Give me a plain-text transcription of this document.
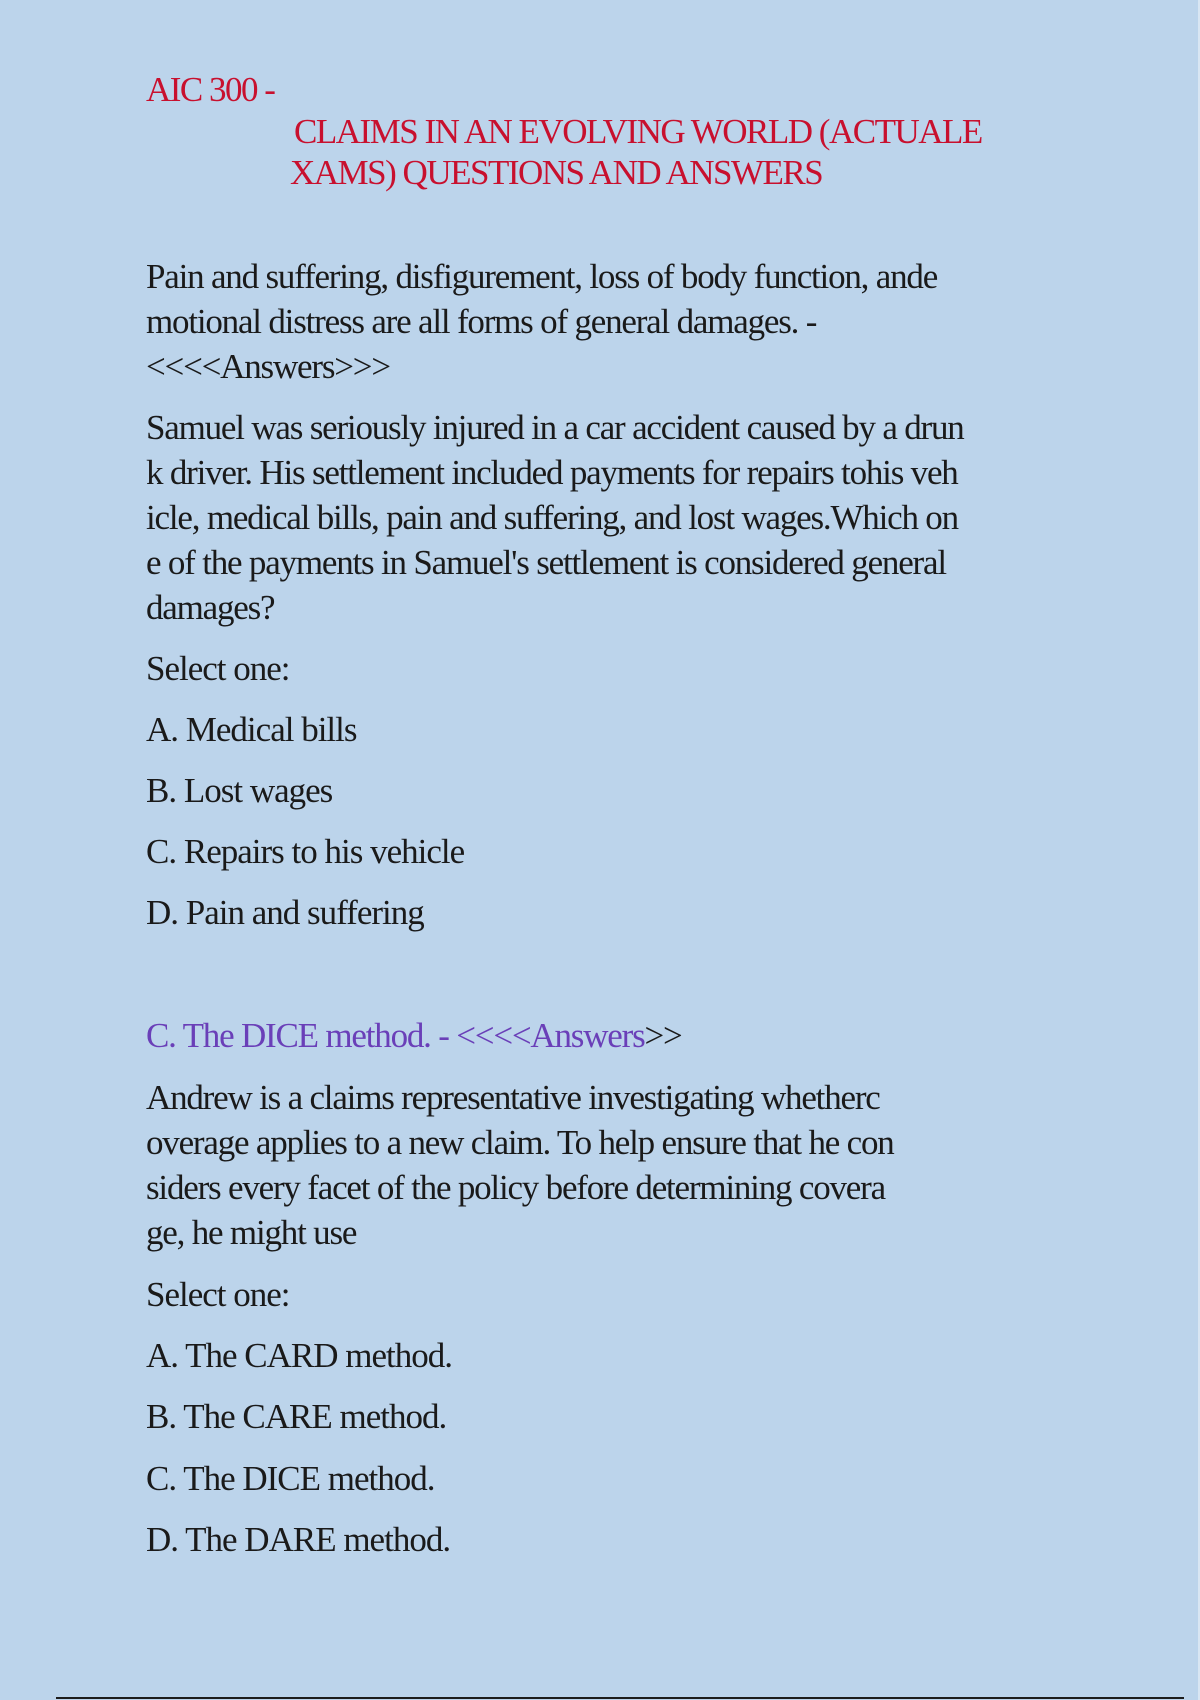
AIC 300 -
CLAIMS IN AN EVOLVING WORLD (ACTUALE
XAMS) QUESTIONS AND ANSWERS
Pain and suffering, disfigurement, loss of body function, ande
motional distress are all forms of general damages. -
<<<<Answers>>>
Samuel was seriously injured in a car accident caused by a drun
k driver. His settlement included payments for repairs tohis veh
icle, medical bills, pain and suffering, and lost wages.Which on
e of the payments in Samuel's settlement is considered general
damages?
Select one:
A. Medical bills
B. Lost wages
C. Repairs to his vehicle
D. Pain and suffering
C. The DICE method. - <<<<Answers>>
Andrew is a claims representative investigating whetherc
overage applies to a new claim. To help ensure that he con
siders every facet of the policy before determining covera
ge, he might use
Select one:
A. The CARD method.
B. The CARE method.
C. The DICE method.
D. The DARE method.
